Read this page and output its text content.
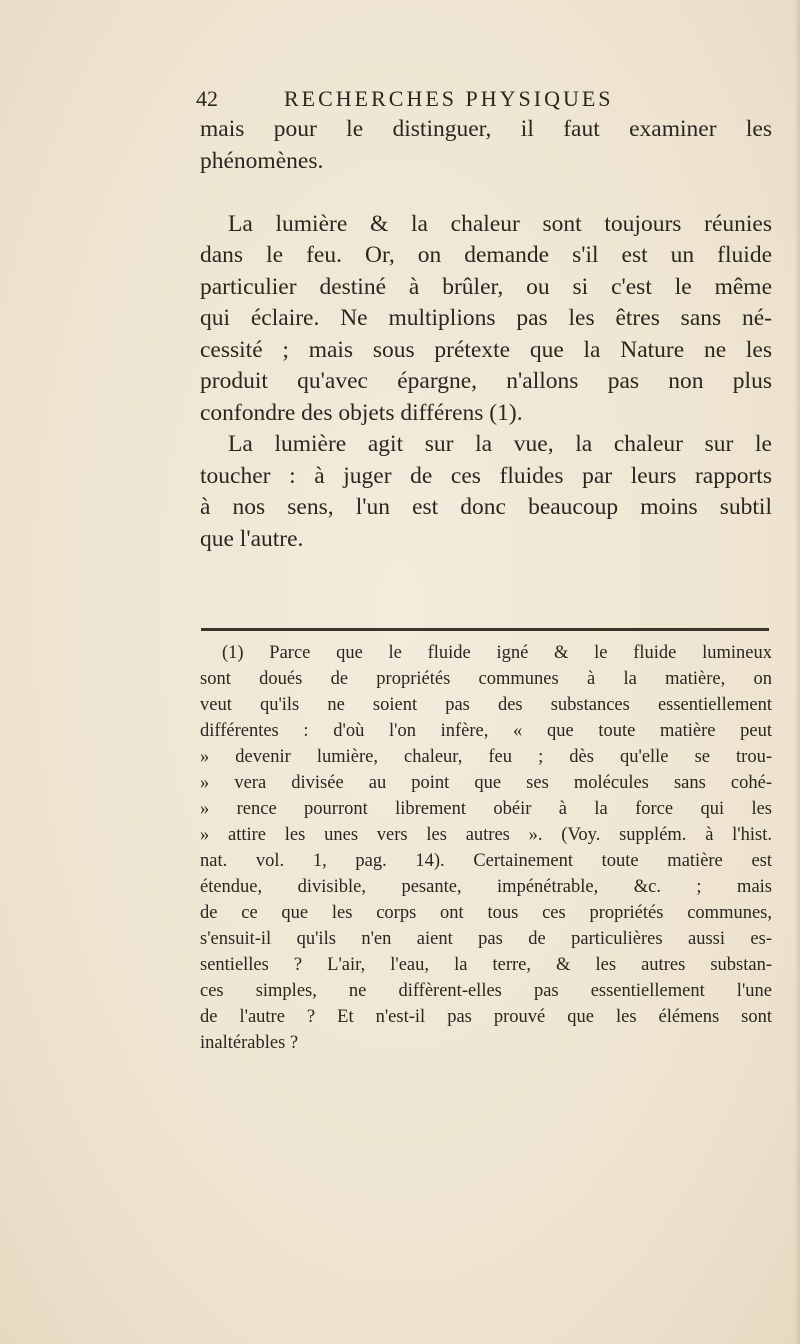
42	RECHERCHES PHYSIQUES
mais pour le distinguer, il faut examiner les
phénomènes.
La lumière & la chaleur sont toujours réunies
dans le feu. Or, on demande s'il est un fluide
particulier destiné à brûler, ou si c'est le même
qui éclaire. Ne multiplions pas les êtres sans né-
cessité ; mais sous prétexte que la Nature ne les
produit qu'avec épargne, n'allons pas non plus
confondre des objets différens (1).
La lumière agit sur la vue, la chaleur sur le
toucher : à juger de ces fluides par leurs rapports
à nos sens, l'un est donc beaucoup moins subtil
que l'autre.
(1) Parce que le fluide igné & le fluide lumineux
sont doués de propriétés communes à la matière, on
veut qu'ils ne soient pas des substances essentiellement
différentes : d'où l'on infère, « que toute matière peut
» devenir lumière, chaleur, feu ; dès qu'elle se trou-
» vera divisée au point que ses molécules sans cohé-
» rence pourront librement obéir à la force qui les
» attire les unes vers les autres ». (Voy. supplém. à l'hist.
nat. vol. 1, pag. 14). Certainement toute matière est
étendue, divisible, pesante, impénétrable, &c. ; mais
de ce que les corps ont tous ces propriétés communes,
s'ensuit-il qu'ils n'en aient pas de particulières aussi es-
sentielles ? L'air, l'eau, la terre, & les autres substan-
ces simples, ne diffèrent-elles pas essentiellement l'une
de l'autre ? Et n'est-il pas prouvé que les élémens sont
inaltérables ?
